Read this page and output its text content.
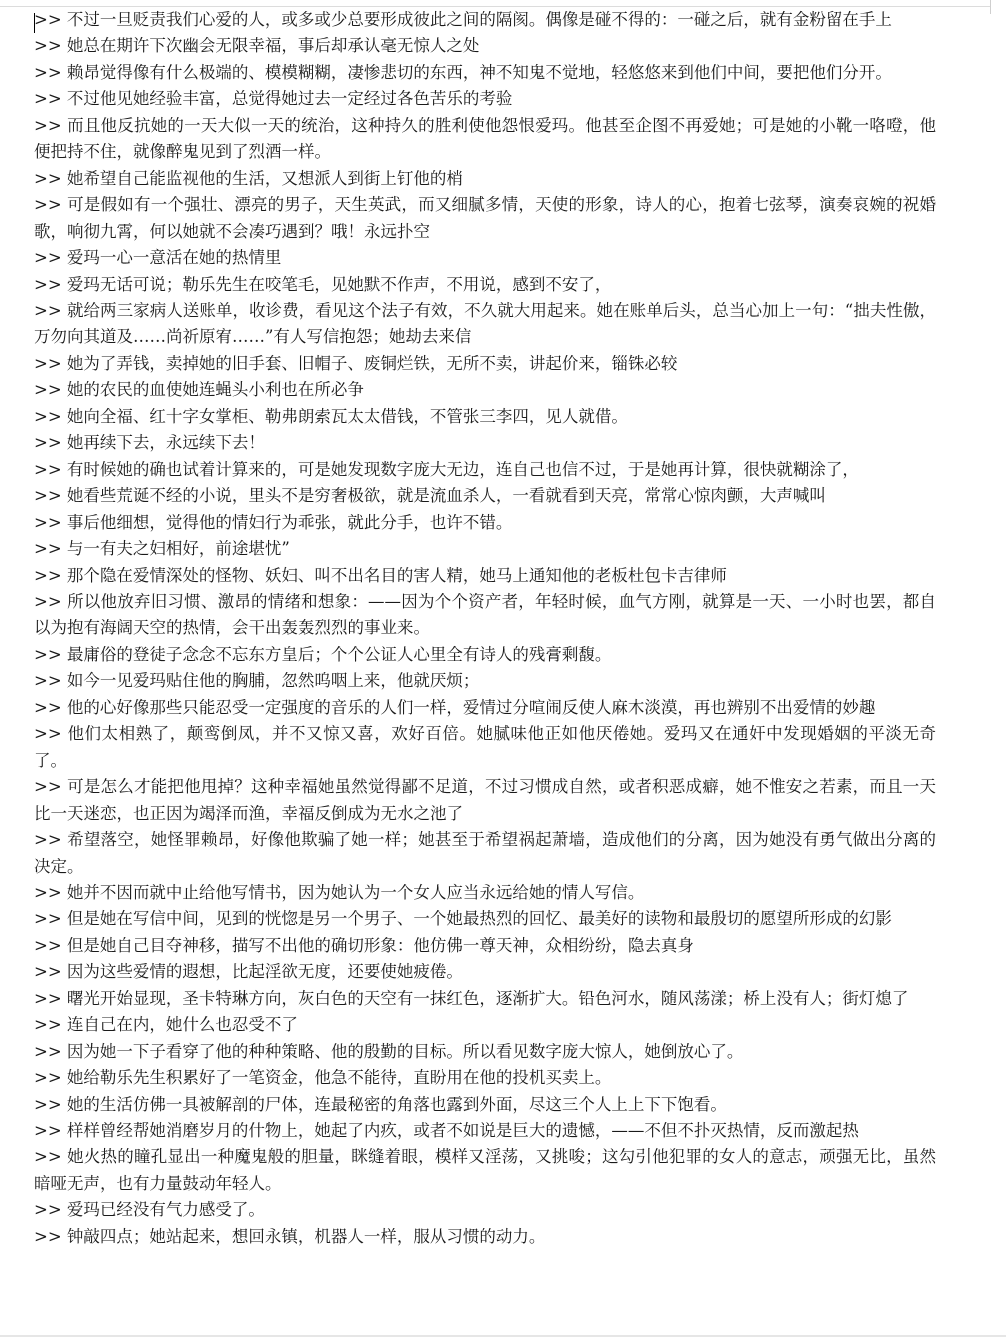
>> 不过一旦贬责我们心爱的人，或多或少总要形成彼此之间的隔阂。偶像是碰不得的：一碰之后，就有金粉留在手上

>> 她总在期许下次幽会无限幸福，事后却承认毫无惊人之处

>> 赖昂觉得像有什么极端的、模模糊糊，凄惨悲切的东西，神不知鬼不觉地，轻悠悠来到他们中间，要把他们分开。

>> 不过他见她经验丰富，总觉得她过去一定经过各色苦乐的考验

>> 而且他反抗她的一天大似一天的统治，这种持久的胜利使他怨恨爱玛。他甚至企图不再爱她；可是她的小靴一咯噔，他便把持不住，就像醉鬼见到了烈酒一样。

>> 她希望自己能监视他的生活，又想派人到街上钉他的梢

>> 可是假如有一个强壮、漂亮的男子，天生英武，而又细腻多情，天使的形象，诗人的心，抱着七弦琴，演奏哀婉的祝婚歌，响彻九霄，何以她就不会凑巧遇到？哦！永远扑空

>> 爱玛一心一意活在她的热情里

>> 爱玛无话可说；勒乐先生在咬笔毛，见她默不作声，不用说，感到不安了，

>> 就给两三家病人送账单，收诊费，看见这个法子有效，不久就大用起来。她在账单后头，总当心加上一句：“拙夫性傲，万勿向其道及……尚祈原宥……”有人写信抱怨；她劫去来信

>> 她为了弄钱，卖掉她的旧手套、旧帽子、废铜烂铁，无所不卖，讲起价来，锱铢必较

>> 她的农民的血使她连蝇头小利也在所必争

>> 她向全福、红十字女掌柜、勒弗朗索瓦太太借钱，不管张三李四，见人就借。

>> 她再续下去，永远续下去！

>> 有时候她的确也试着计算来的，可是她发现数字庞大无边，连自己也信不过，于是她再计算，很快就糊涂了，

>> 她看些荒诞不经的小说，里头不是穷奢极欲，就是流血杀人，一看就看到天亮，常常心惊肉颤，大声喊叫

>> 事后他细想，觉得他的情妇行为乖张，就此分手，也许不错。

>> 与一有夫之妇相好，前途堪忧”

>> 那个隐在爱情深处的怪物、妖妇、叫不出名目的害人精，她马上通知他的老板杜包卡吉律师

>> 所以他放弃旧习惯、激昂的情绪和想象：——因为个个资产者，年轻时候，血气方刚，就算是一天、一小时也罢，都自以为抱有海阔天空的热情，会干出轰轰烈烈的事业来。

>> 最庸俗的登徒子念念不忘东方皇后；个个公证人心里全有诗人的残膏剩馥。

>> 如今一见爱玛贴住他的胸脯，忽然呜咽上来，他就厌烦；

>> 他的心好像那些只能忍受一定强度的音乐的人们一样，爱情过分喧闹反使人麻木淡漠，再也辨别不出爱情的妙趣

>> 他们太相熟了，颠鸾倒凤，并不又惊又喜，欢好百倍。她腻味他正如他厌倦她。爱玛又在通奸中发现婚姻的平淡无奇了。

>> 可是怎么才能把他甩掉？这种幸福她虽然觉得鄙不足道，不过习惯成自然，或者积恶成癖，她不惟安之若素，而且一天比一天迷恋，也正因为竭泽而渔，幸福反倒成为无水之池了

>> 希望落空，她怪罪赖昂，好像他欺骗了她一样；她甚至于希望祸起萧墙，造成他们的分离，因为她没有勇气做出分离的决定。

>> 她并不因而就中止给他写情书，因为她认为一个女人应当永远给她的情人写信。

>> 但是她在写信中间，见到的恍惚是另一个男子、一个她最热烈的回忆、最美好的读物和最殷切的愿望所形成的幻影

>> 但是她自己目夺神移，描写不出他的确切形象：他仿佛一尊天神，众相纷纷，隐去真身

>> 因为这些爱情的遐想，比起淫欲无度，还要使她疲倦。

>> 曙光开始显现，圣卡特琳方向，灰白色的天空有一抹红色，逐渐扩大。铅色河水，随风荡漾；桥上没有人；街灯熄了

>> 连自己在内，她什么也忍受不了

>> 因为她一下子看穿了他的种种策略、他的殷勤的目标。所以看见数字庞大惊人，她倒放心了。

>> 她给勒乐先生积累好了一笔资金，他急不能待，直盼用在他的投机买卖上。

>> 她的生活仿佛一具被解剖的尸体，连最秘密的角落也露到外面，尽这三个人上上下下饱看。

>> 样样曾经帮她消磨岁月的什物上，她起了内疚，或者不如说是巨大的遗憾，——不但不扑灭热情，反而激起热

>> 她火热的瞳孔显出一种魔鬼般的胆量，眯缝着眼，模样又淫荡，又挑唆；这勾引他犯罪的女人的意志，顽强无比，虽然暗哑无声，也有力量鼓动年轻人。

>> 爱玛已经没有气力感受了。

>> 钟敲四点；她站起来，想回永镇，机器人一样，服从习惯的动力。
